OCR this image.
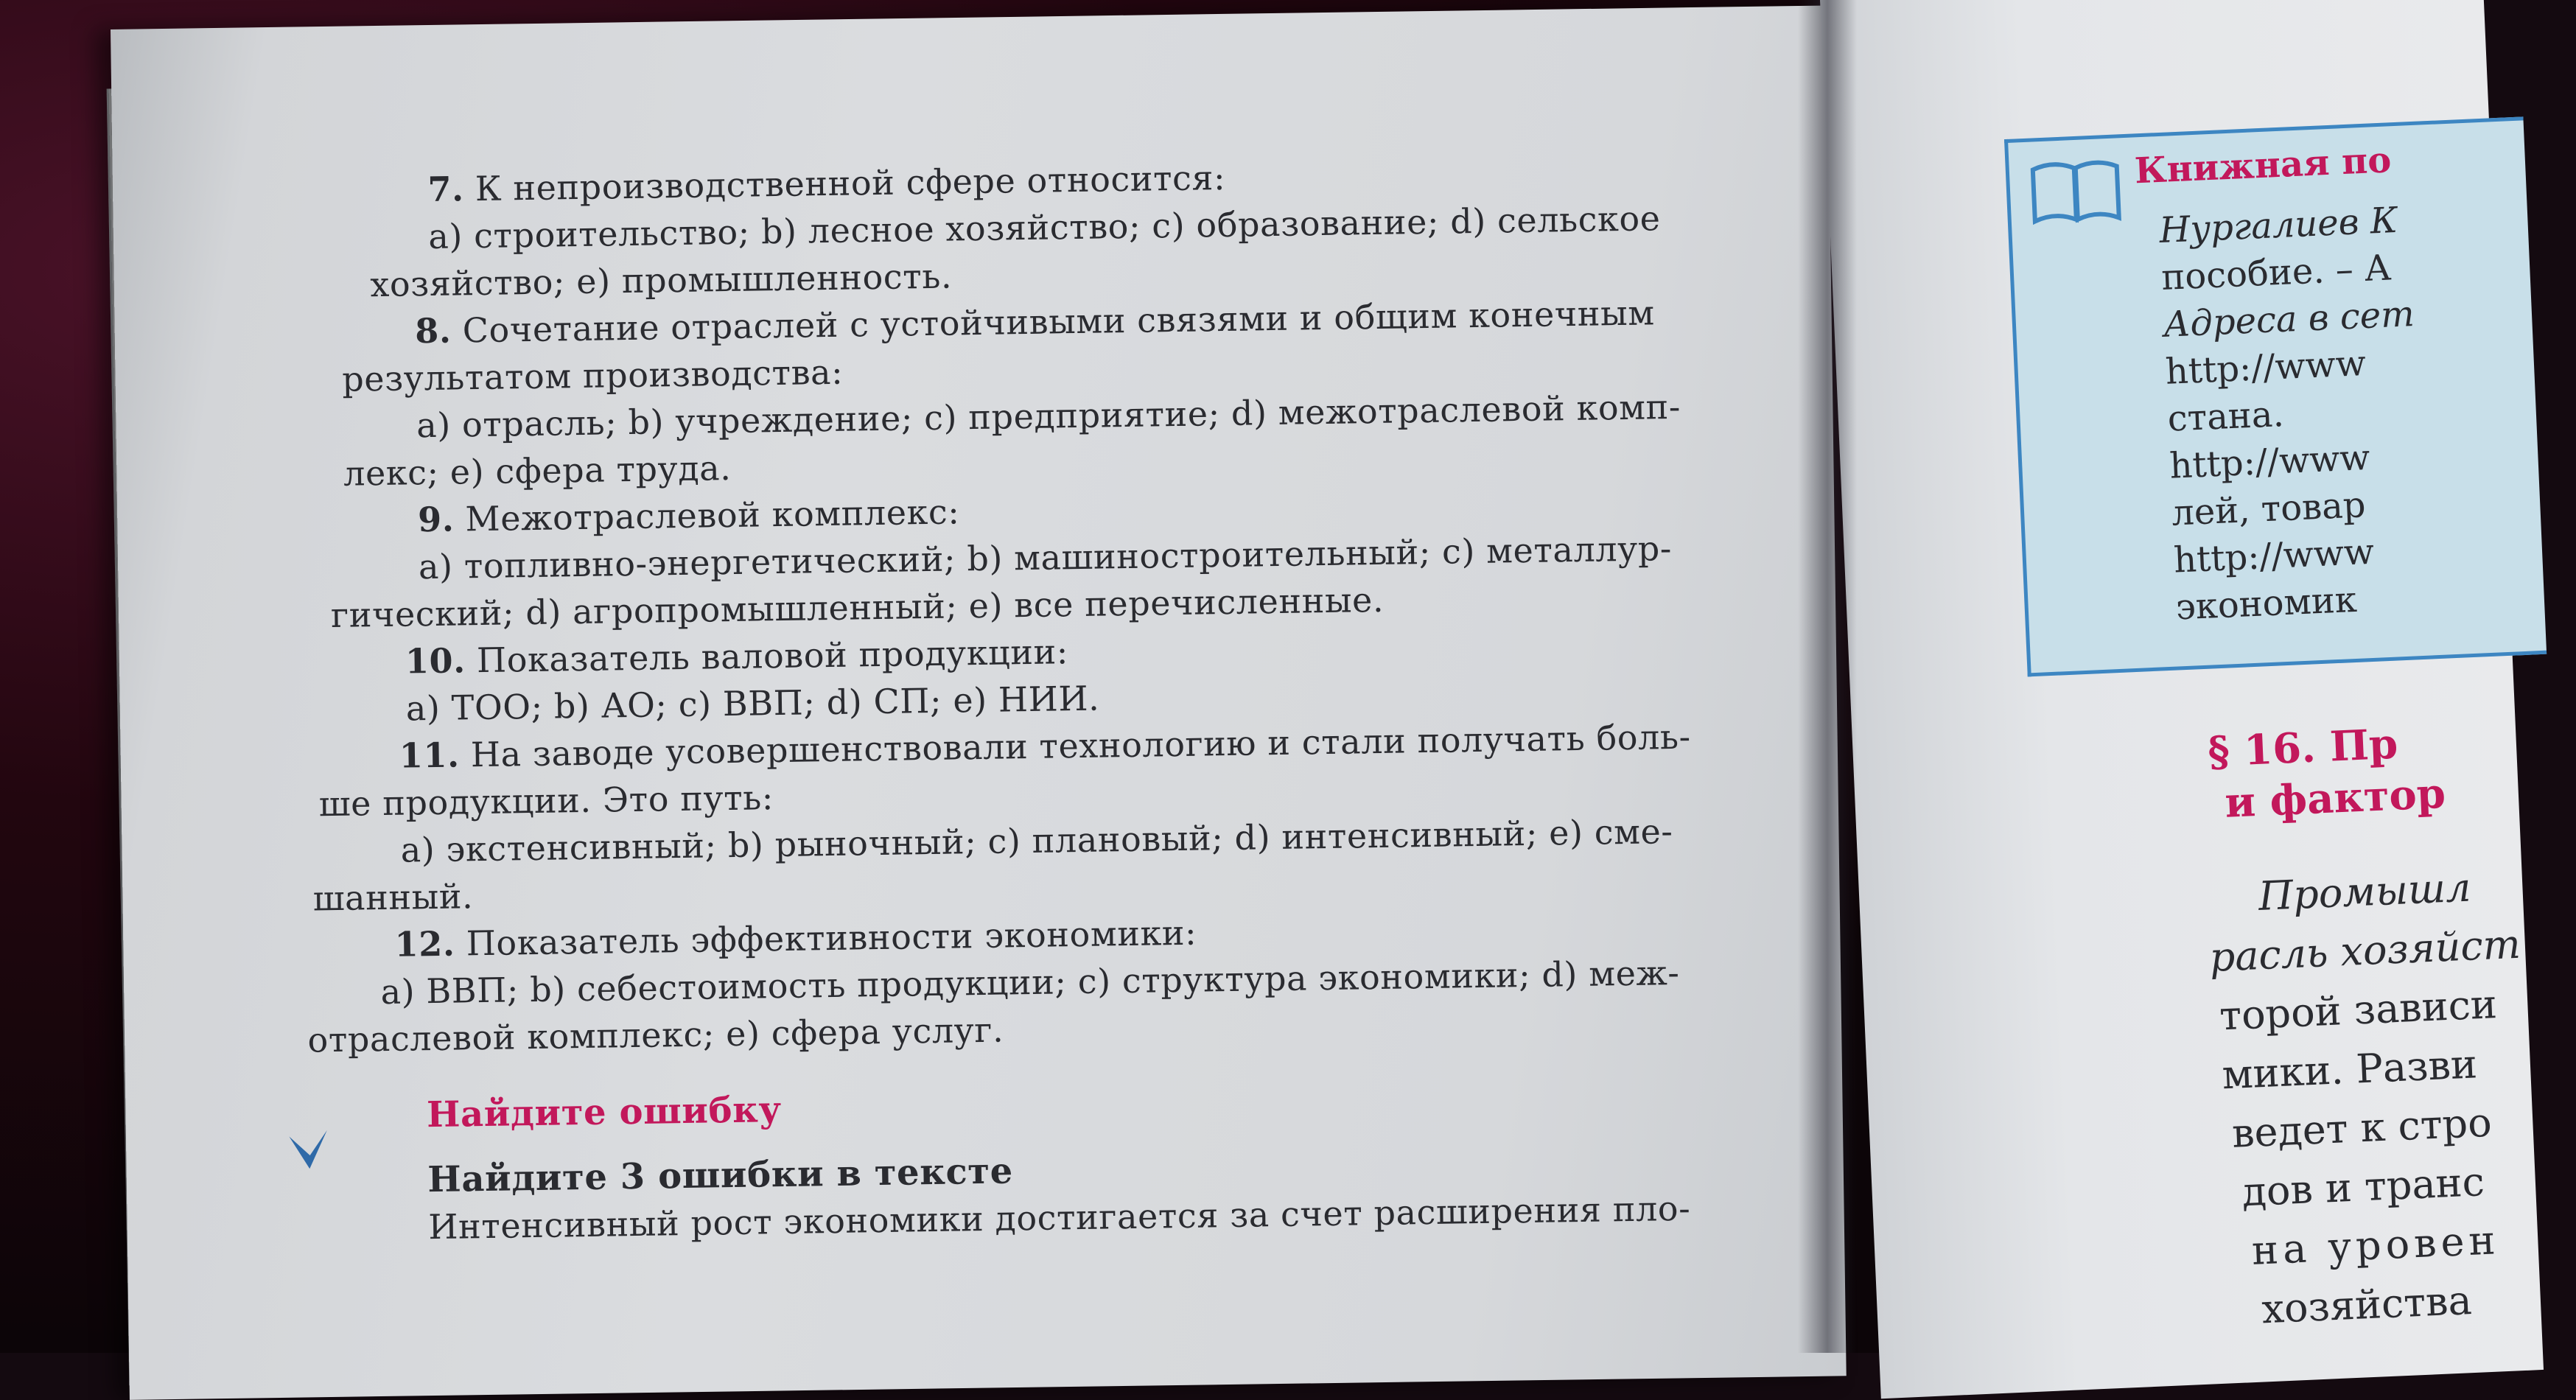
7. К непроизводственной сфере относится:
а) строительство; b) лесное хозяйство; с) образование; d) сельское
хозяйство; е) промышленность.
8. Сочетание отраслей с устойчивыми связями и общим конечным
результатом производства:
а) отрасль; b) учреждение; с) предприятие; d) межотраслевой комп-
лекс; е) сфера труда.
9. Межотраслевой комплекс:
а) топливно-энергетический; b) машиностроительный; с) металлур-
гический; d) агропромышленный; е) все перечисленные.
10. Показатель валовой продукции:
а) ТОО; b) АО; с) ВВП; d) СП; е) НИИ.
11. На заводе усовершенствовали технологию и стали получать боль-
ше продукции. Это путь:
а) экстенсивный; b) рыночный; с) плановый; d) интенсивный; е) сме-
шанный.
12. Показатель эффективности экономики:
а) ВВП; b) себестоимость продукции; с) структура экономики; d) меж-
отраслевой комплекс; е) сфера услуг.
Найдите ошибку
Найдите 3 ошибки в тексте
Интенсивный рост экономики достигается за счет расширения пло-
Книжная по
Нургалиев К
пособие. – А
Адреса в сет
http://www
стана.
http://www
лей, товар
http://www
экономик
§ 16. Пр
и фактор
Промышл
расль хозяйст
торой зависи
мики. Разви
ведет к стро
дов и транс
на уровен
хозяйства
